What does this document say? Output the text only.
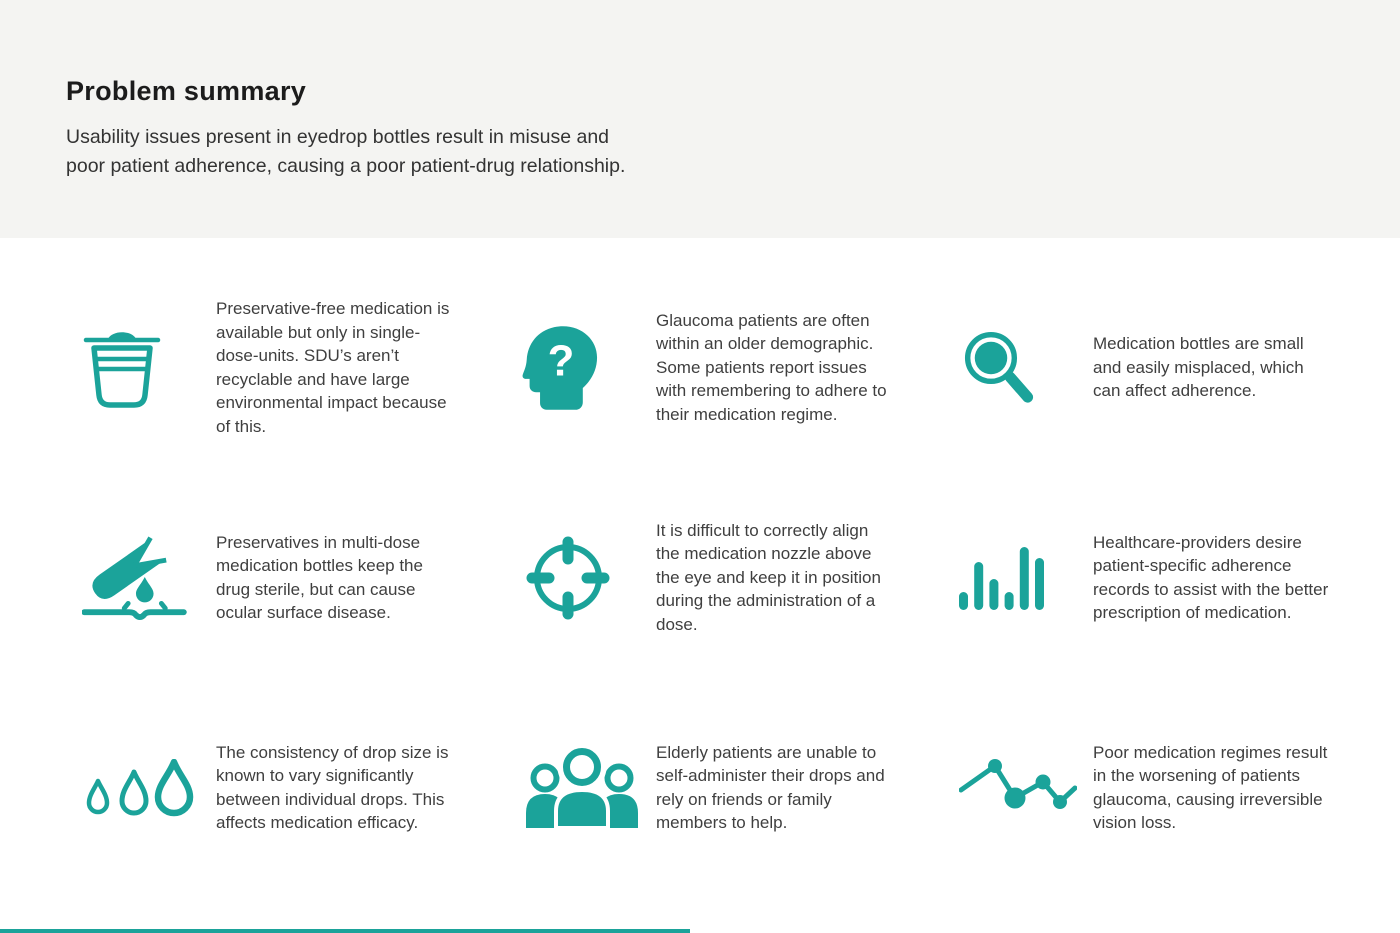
Problem summary
Usability issues present in eyedrop bottles result in misuse and
poor patient adherence, causing a poor patient-drug relationship.
Preservative-free medication is available but only in single-dose-units. SDU’s aren’t recyclable and have large environmental impact because of this.
?
Glaucoma patients are often within an older demographic. Some patients report issues with remembering to adhere to their medication regime.
Medication bottles are small and easily misplaced, which can affect adherence.
Preservatives in multi-dose medication bottles keep the drug sterile, but can cause ocular surface disease.
It is difficult to correctly align the medication nozzle above the eye and keep it in position during the administration of a dose.
Healthcare-providers desire patient-specific adherence records to assist with the better prescription of medication.
The consistency of drop size is known to vary significantly between individual drops. This affects medication efficacy.
Elderly patients are unable to self-administer their drops and rely on friends or family members to help.
Poor medication regimes result in the worsening of patients glaucoma, causing irreversible vision loss.
